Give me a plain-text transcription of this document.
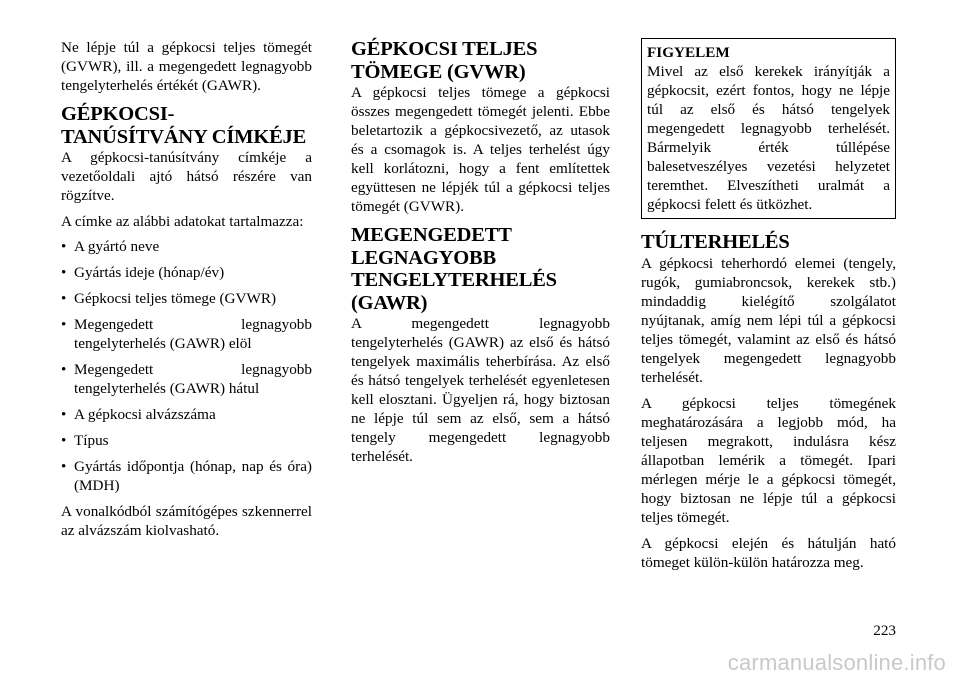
Ne lépje túl a gépkocsi teljes tömegét (GVWR), ill. a megengedett legnagyobb tengelyterhelés értékét (GAWR).

GÉPKOCSI-TANÚSÍTVÁNY CÍMKÉJE

A gépkocsi-tanúsítvány címkéje a vezetőoldali ajtó hátsó részére van rögzítve.

A címke az alábbi adatokat tartalmazza:

• A gyártó neve
• Gyártás ideje (hónap/év)
• Gépkocsi teljes tömege (GVWR)
• Megengedett legnagyobb tengelyterhelés (GAWR) elöl
• Megengedett legnagyobb tengelyterhelés (GAWR) hátul
• A gépkocsi alvázszáma
• Típus
• Gyártás időpontja (hónap, nap és óra) (MDH)

A vonalkódból számítógépes szkennerrel az alvázszám kiolvasható.

GÉPKOCSI TELJES TÖMEGE (GVWR)

A gépkocsi teljes tömege a gépkocsi összes megengedett tömegét jelenti. Ebbe beletartozik a gépkocsivezető, az utasok és a csomagok is. A teljes terhelést úgy kell korlátozni, hogy a fent említettek együttesen ne lépjék túl a gépkocsi teljes tömegét (GVWR).

MEGENGEDETT LEGNAGYOBB TENGELYTERHELÉS (GAWR)

A megengedett legnagyobb tengelyterhelés (GAWR) az első és hátsó tengelyek maximális teherbírása. Az első és hátsó tengelyek terhelését egyenletesen kell elosztani. Ügyeljen rá, hogy biztosan ne lépje túl sem az első, sem a hátsó tengely megengedett legnagyobb terhelését.

FIGYELEM

Mivel az első kerekek irányítják a gépkocsit, ezért fontos, hogy ne lépje túl az első és hátsó tengelyek megengedett legnagyobb terhelését. Bármelyik érték túllépése balesetveszélyes vezetési helyzetet teremthet. Elveszítheti uralmát a gépkocsi felett és ütközhet.

TÚLTERHELÉS

A gépkocsi teherhordó elemei (tengely, rugók, gumiabroncsok, kerekek stb.) mindaddig kielégítő szolgálatot nyújtanak, amíg nem lépi túl a gépkocsi teljes tömegét, valamint az első és hátsó tengelyek megengedett legnagyobb terhelését.

A gépkocsi teljes tömegének meghatározására a legjobb mód, ha teljesen megrakott, indulásra kész állapotban lemérik a tömegét. Ipari mérlegen mérje le a gépkocsi tömegét, hogy biztosan ne lépje túl a gépkocsi teljes tömegét.

A gépkocsi elején és hátulján ható tömeget külön-külön határozza meg.

223
carmanualsonline.info
